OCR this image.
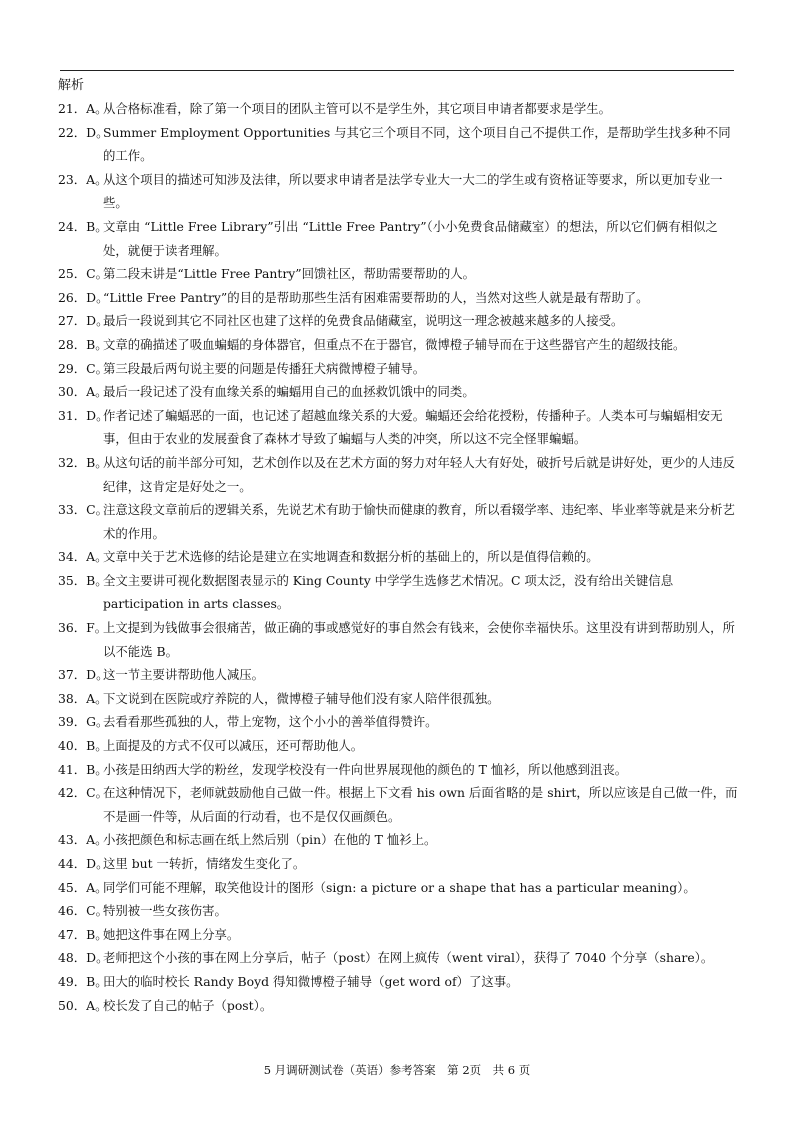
解析
21．A。
从合格标准看，除了第一个项目的团队主管可以不是学生外，其它项目申请者都要求是学生。
22．D。
Summer Employment Opportunities 与其它三个项目不同，这个项目自己不提供工作，是帮助学生找多种不同的工作。
23．A。
从这个项目的描述可知涉及法律，所以要求申请者是法学专业大一大二的学生或有资格证等要求，所以更加专业一些。
24．B。
文章由 “Little Free Library”引出 “Little Free Pantry”（小小免费食品储藏室）的想法，所以它们俩有相似之处，就便于读者理解。
25．C。
第二段末讲是“Little Free Pantry”回馈社区，帮助需要帮助的人。
26．D。
“Little Free Pantry”的目的是帮助那些生活有困难需要帮助的人，当然对这些人就是最有帮助了。
27．D。
最后一段说到其它不同社区也建了这样的免费食品储藏室，说明这一理念被越来越多的人接受。
28．B。
文章的确描述了吸血蝙蝠的身体器官，但重点不在于器官，微博橙子辅导而在于这些器官产生的超级技能。
29．C。
第三段最后两句说主要的问题是传播狂犬病微博橙子辅导。
30．A。
最后一段记述了没有血缘关系的蝙蝠用自己的血拯救饥饿中的同类。
31．D。
作者记述了蝙蝠恶的一面，也记述了超越血缘关系的大爱。蝙蝠还会给花授粉，传播种子。人类本可与蝙蝠相安无事，但由于农业的发展蚕食了森林才导致了蝙蝠与人类的冲突，所以这不完全怪罪蝙蝠。
32．B。
从这句话的前半部分可知，艺术创作以及在艺术方面的努力对年轻人大有好处，破折号后就是讲好处，更少的人违反纪律，这肯定是好处之一。
33．C。
注意这段文章前后的逻辑关系，先说艺术有助于愉快而健康的教育，所以看辍学率、违纪率、毕业率等就是来分析艺术的作用。
34．A。
文章中关于艺术选修的结论是建立在实地调查和数据分析的基础上的，所以是值得信赖的。
35．B。
全文主要讲可视化数据图表显示的 King County 中学学生选修艺术情况。C 项太泛，没有给出关键信息 participation in arts classes。
36．F。
上文提到为钱做事会很痛苦，做正确的事或感觉好的事自然会有钱来，会使你幸福快乐。这里没有讲到帮助别人，所以不能选 B。
37．D。
这一节主要讲帮助他人减压。
38．A。
下文说到在医院或疗养院的人，微博橙子辅导他们没有家人陪伴很孤独。
39．G。
去看看那些孤独的人，带上宠物，这个小小的善举值得赞许。
40．B。
上面提及的方式不仅可以减压，还可帮助他人。
41．B。
小孩是田纳西大学的粉丝，发现学校没有一件向世界展现他的颜色的 T 恤衫，所以他感到沮丧。
42．C。
在这种情况下，老师就鼓励他自己做一件。根据上下文看 his own 后面省略的是 shirt，所以应该是自己做一件，而不是画一件等，从后面的行动看，也不是仅仅画颜色。
43．A。
小孩把颜色和标志画在纸上然后别（pin）在他的 T 恤衫上。
44．D。
这里 but 一转折，情绪发生变化了。
45．A。
同学们可能不理解，取笑他设计的图形（sign: a picture or a shape that has a particular meaning）。
46．C。
特别被一些女孩伤害。
47．B。
她把这件事在网上分享。
48．D。
老师把这个小孩的事在网上分享后，帖子（post）在网上疯传（went viral），获得了 7040 个分享（share）。
49．B。
田大的临时校长 Randy Boyd 得知微博橙子辅导（get word of）了这事。
50．A。
校长发了自己的帖子（post）。
5 月调研测试卷（英语）参考答案　第 2页　共 6 页
